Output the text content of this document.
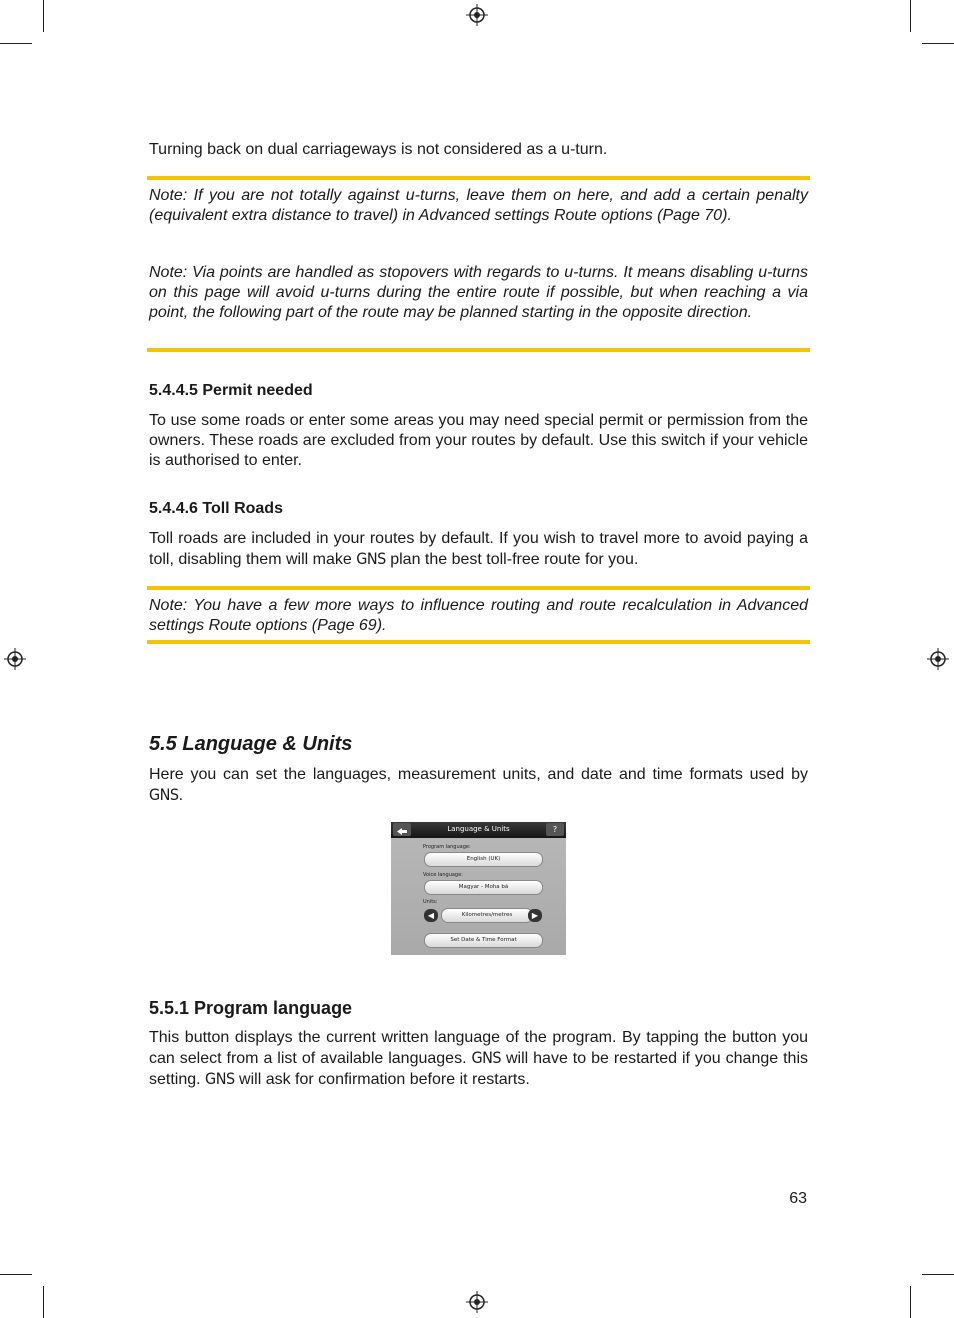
Turning back on dual carriageways is not considered as a u-turn.

Note: If you are not totally against u-turns, leave them on here, and add a certain penalty (equivalent extra distance to travel) in Advanced settings Route options (Page 70).

Note: Via points are handled as stopovers with regards to u-turns. It means disabling u-turns on this page will avoid u-turns during the entire route if possible, but when reaching a via point, the following part of the route may be planned starting in the opposite direction.

5.4.4.5 Permit needed

To use some roads or enter some areas you may need special permit or permission from the owners. These roads are excluded from your routes by default. Use this switch if your vehicle is authorised to enter.

5.4.4.6 Toll Roads

Toll roads are included in your routes by default. If you wish to travel more to avoid paying a toll, disabling them will make GNS plan the best toll-free route for you.

Note: You have a few more ways to influence routing and route recalculation in Advanced settings Route options (Page 69).

5.5 Language & Units

Here you can set the languages, measurement units, and date and time formats used by GNS.

Language & Units	?
Program language:
English (UK)
Voice language:
Magyar - Moha bá
Units:
◀	Kilometres/metres	▶
Set Date & Time Format
5.5.1 Program language

This button displays the current written language of the program. By tapping the button you can select from a list of available languages. GNS will have to be restarted if you change this setting. GNS will ask for confirmation before it restarts.

63
